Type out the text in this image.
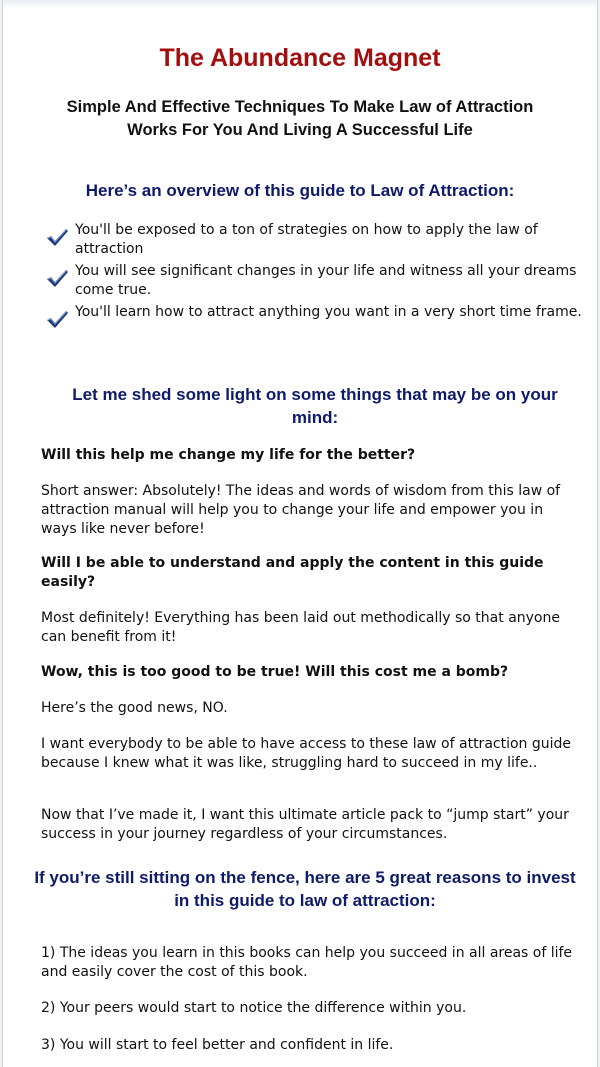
The Abundance Magnet
Simple And Effective Techniques To Make Law of Attraction
Works For You And Living A Successful Life
Here’s an overview of this guide to Law of Attraction:
You'll be exposed to a ton of strategies on how to apply the law of attraction
You will see significant changes in your life and witness all your dreams come true.
You'll learn how to attract anything you want in a very short time frame.
Let me shed some light on some things that may be on your mind:

Will this help me change my life for the better?

Short answer: Absolutely! The ideas and words of wisdom from this law of attraction manual will help you to change your life and empower you in ways like never before!

Will I be able to understand and apply the content in this guide easily?

Most definitely! Everything has been laid out methodically so that anyone can benefit from it!

Wow, this is too good to be true! Will this cost me a bomb?

Here’s the good news, NO.

I want everybody to be able to have access to these law of attraction guide because I knew what it was like, struggling hard to succeed in my life..

Now that I’ve made it, I want this ultimate article pack to “jump start” your success in your journey regardless of your circumstances.

If you’re still sitting on the fence, here are 5 great reasons to invest in this guide to law of attraction:

1) The ideas you learn in this books can help you succeed in all areas of life and easily cover the cost of this book.

2) Your peers would start to notice the difference within you.

3) You will start to feel better and confident in life.
